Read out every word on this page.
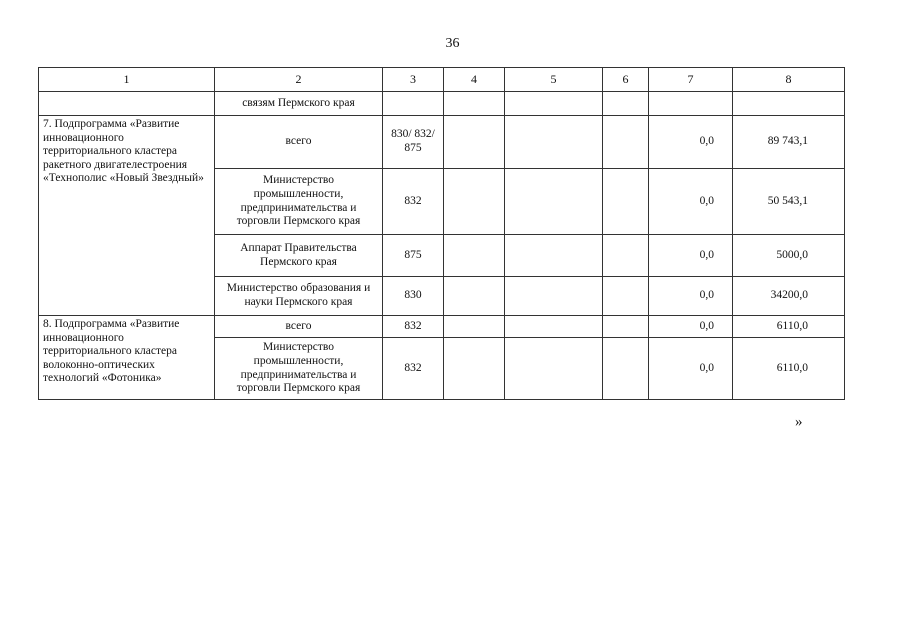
36
1	2	3	4	5	6	7	8
	связям Пермского края						
7. Подпрограмма «Развитие инновационного территориального кластера ракетного двигателестроения «Технополис «Новый Звездный»	всего	830/ 832/ 875				0,0	89 743,1
	Министерство промышленности, предпринимательства и торговли Пермского края	832				0,0	50 543,1
	Аппарат Правительства Пермского края	875				0,0	5000,0
	Министерство образования и науки Пермского края	830				0,0	34200,0
8. Подпрограмма «Развитие инновационного территориального кластера волоконно-оптических технологий «Фотоника»	всего	832				0,0	6110,0
	Министерство промышленности, предпринимательства и торговли Пермского края	832				0,0	6110,0
»
